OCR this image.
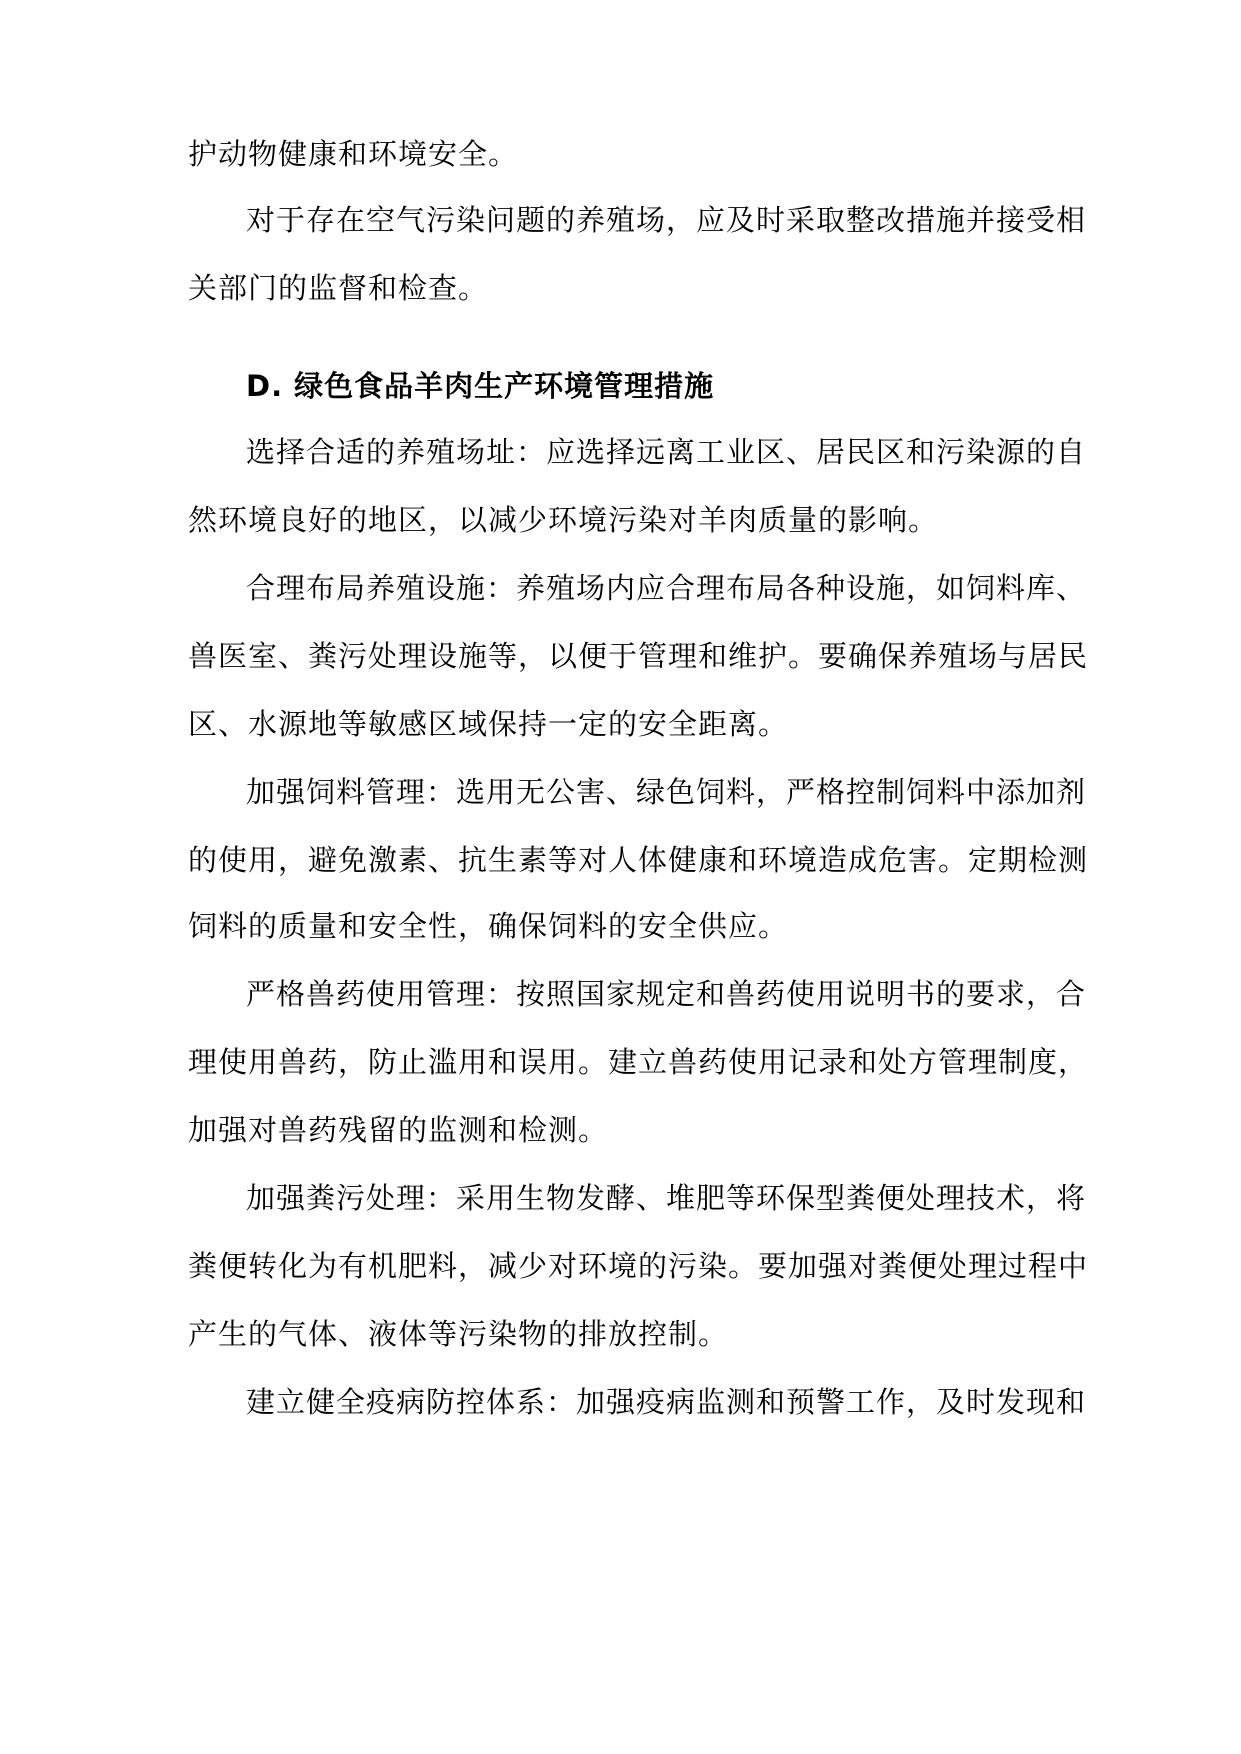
护动物健康和环境安全。
对于存在空气污染问题的养殖场，应及时采取整改措施并接受相
关部门的监督和检查。
D. 绿色食品羊肉生产环境管理措施
选择合适的养殖场址：应选择远离工业区、居民区和污染源的自
然环境良好的地区，以减少环境污染对羊肉质量的影响。
合理布局养殖设施：养殖场内应合理布局各种设施，如饲料库、
兽医室、粪污处理设施等，以便于管理和维护。要确保养殖场与居民
区、水源地等敏感区域保持一定的安全距离。
加强饲料管理：选用无公害、绿色饲料，严格控制饲料中添加剂
的使用，避免激素、抗生素等对人体健康和环境造成危害。定期检测
饲料的质量和安全性，确保饲料的安全供应。
严格兽药使用管理：按照国家规定和兽药使用说明书的要求，合
理使用兽药，防止滥用和误用。建立兽药使用记录和处方管理制度，
加强对兽药残留的监测和检测。
加强粪污处理：采用生物发酵、堆肥等环保型粪便处理技术，将
粪便转化为有机肥料，减少对环境的污染。要加强对粪便处理过程中
产生的气体、液体等污染物的排放控制。
建立健全疫病防控体系：加强疫病监测和预警工作，及时发现和
